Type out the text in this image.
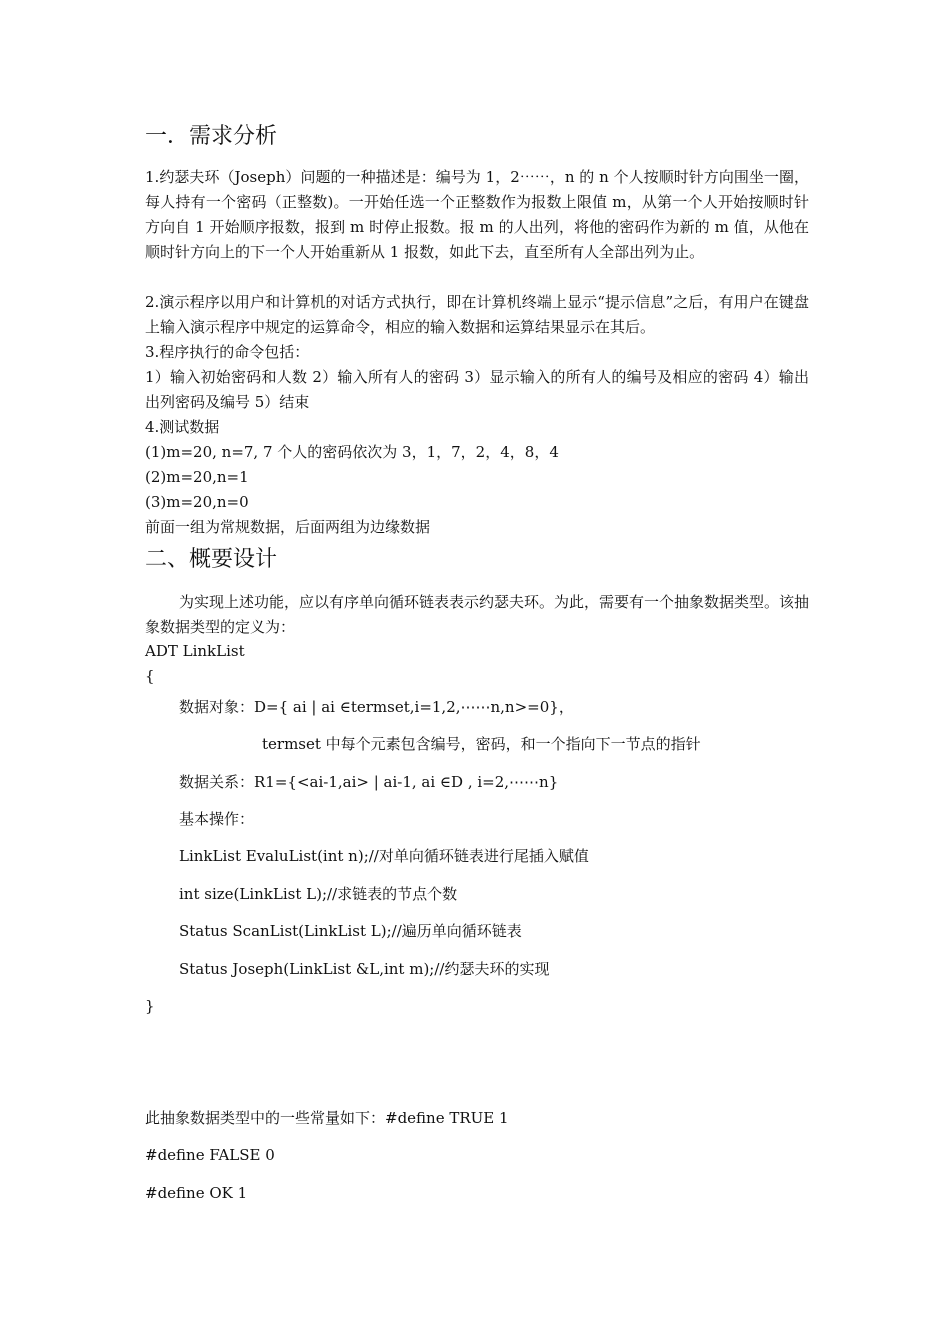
一．需求分析
1.约瑟夫环（Joseph）问题的一种描述是：编号为 1，2⋯⋯，n 的 n 个人按顺时针方向围坐一圈，每人持有一个密码（正整数)。一开始任选一个正整数作为报数上限值 m，从第一个人开始按顺时针方向自 1 开始顺序报数，报到 m 时停止报数。报 m 的人出列，将他的密码作为新的 m 值，从他在顺时针方向上的下一个人开始重新从 1 报数，如此下去，直至所有人全部出列为止。
2.演示程序以用户和计算机的对话方式执行，即在计算机终端上显示“提示信息”之后，有用户在键盘上输入演示程序中规定的运算命令，相应的输入数据和运算结果显示在其后。
3.程序执行的命令包括：
1）输入初始密码和人数 2）输入所有人的密码 3）显示输入的所有人的编号及相应的密码 4）输出出列密码及编号 5）结束
4.测试数据
(1)m=20, n=7, 7 个人的密码依次为 3，1，7，2，4，8，4
(2)m=20,n=1
(3)m=20,n=0
前面一组为常规数据，后面两组为边缘数据
二、概要设计
为实现上述功能，应以有序单向循环链表表示约瑟夫环。为此，需要有一个抽象数据类型。该抽象数据类型的定义为：
ADT LinkList
{
数据对象：D={ ai | ai ∈termset,i=1,2,⋯⋯n,n>=0}，
termset 中每个元素包含编号，密码，和一个指向下一节点的指针
数据关系：R1={<ai-1,ai> | ai-1, ai ∈D , i=2,⋯⋯n}
基本操作：
LinkList EvaluList(int n);//对单向循环链表进行尾插入赋值
int size(LinkList L);//求链表的节点个数
Status ScanList(LinkList L);//遍历单向循环链表
Status Joseph(LinkList &L,int m);//约瑟夫环的实现
}
此抽象数据类型中的一些常量如下：#define TRUE 1
#define FALSE 0
#define OK 1
